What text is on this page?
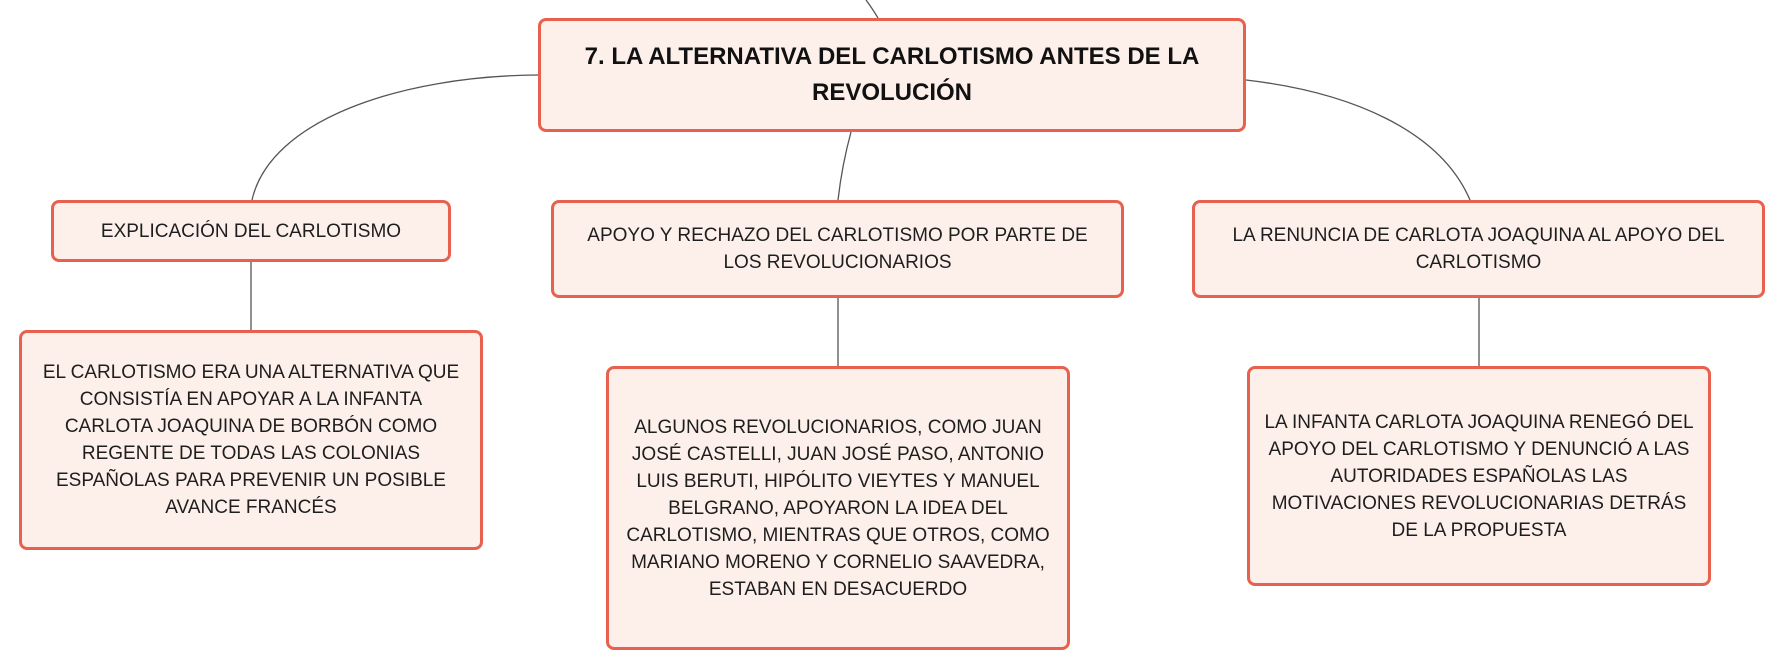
7. LA ALTERNATIVA DEL CARLOTISMO ANTES DE LA REVOLUCIÓN
EXPLICACIÓN DEL CARLOTISMO	APOYO Y RECHAZO DEL CARLOTISMO POR PARTE DE LOS REVOLUCIONARIOS
LA RENUNCIA DE CARLOTA JOAQUINA AL APOYO DEL CARLOTISMO
EL CARLOTISMO ERA UNA ALTERNATIVA QUE CONSISTÍA EN APOYAR A LA INFANTA CARLOTA JOAQUINA DE BORBÓN COMO REGENTE DE TODAS LAS COLONIAS ESPAÑOLAS PARA PREVENIR UN POSIBLE AVANCE FRANCÉS
ALGUNOS REVOLUCIONARIOS, COMO JUAN JOSÉ CASTELLI, JUAN JOSÉ PASO, ANTONIO LUIS BERUTI, HIPÓLITO VIEYTES Y MANUEL BELGRANO, APOYARON LA IDEA DEL CARLOTISMO, MIENTRAS QUE OTROS, COMO MARIANO MORENO Y CORNELIO SAAVEDRA, ESTABAN EN DESACUERDO
LA INFANTA CARLOTA JOAQUINA RENEGÓ DEL APOYO DEL CARLOTISMO Y DENUNCIÓ A LAS AUTORIDADES ESPAÑOLAS LAS MOTIVACIONES REVOLUCIONARIAS DETRÁS DE LA PROPUESTA
